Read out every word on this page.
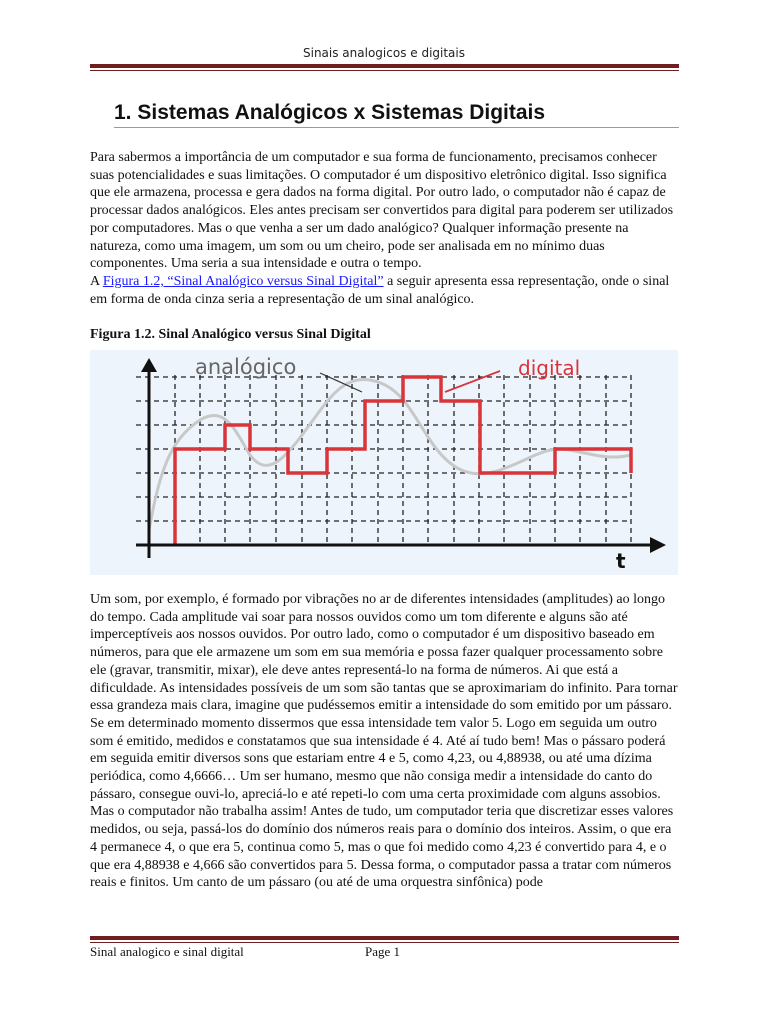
Sinais analogicos e digitais
1. Sistemas Analógicos x Sistemas Digitais

Para sabermos a importância de um computador e sua forma de funcionamento, precisamos conhecer suas potencialidades e suas limitações. O computador é um dispositivo eletrônico digital. Isso significa que ele armazena, processa e gera dados na forma digital. Por outro lado, o computador não é capaz de processar dados analógicos. Eles antes precisam ser convertidos para digital para poderem ser utilizados por computadores. Mas o que venha a ser um dado analógico? Qualquer informação presente na natureza, como uma imagem, um som ou um cheiro, pode ser analisada em no mínimo duas componentes. Uma seria a sua intensidade e outra o tempo.
A Figura 1.2, “Sinal Analógico versus Sinal Digital” a seguir apresenta essa representação, onde o sinal em forma de onda cinza seria a representação de um sinal analógico.

Figura 1.2. Sinal Analógico versus Sinal Digital

analógico	digital
t

Um som, por exemplo, é formado por vibrações no ar de diferentes intensidades (amplitudes) ao longo do tempo. Cada amplitude vai soar para nossos ouvidos como um tom diferente e alguns são até imperceptíveis aos nossos ouvidos. Por outro lado, como o computador é um dispositivo baseado em números, para que ele armazene um som em sua memória e possa fazer qualquer processamento sobre ele (gravar, transmitir, mixar), ele deve antes representá-lo na forma de números. Ai que está a dificuldade. As intensidades possíveis de um som são tantas que se aproximariam do infinito. Para tornar essa grandeza mais clara, imagine que pudéssemos emitir a intensidade do som emitido por um pássaro. Se em determinado momento dissermos que essa intensidade tem valor 5. Logo em seguida um outro som é emitido, medidos e constatamos que sua intensidade é 4. Até aí tudo bem! Mas o pássaro poderá em seguida emitir diversos sons que estariam entre 4 e 5, como 4,23, ou 4,88938, ou até uma dízima periódica, como 4,6666… Um ser humano, mesmo que não consiga medir a intensidade do canto do pássaro, consegue ouvi-lo, apreciá-lo e até repeti-lo com uma certa proximidade com alguns assobios. Mas o computador não trabalha assim! Antes de tudo, um computador teria que discretizar esses valores medidos, ou seja, passá-los do domínio dos números reais para o domínio dos inteiros. Assim, o que era 4 permanece 4, o que era 5, continua como 5, mas o que foi medido como 4,23 é convertido para 4, e o que era 4,88938 e 4,666 são convertidos para 5. Dessa forma, o computador passa a tratar com números reais e finitos. Um canto de um pássaro (ou até de uma orquestra sinfônica) pode

Sinal analogico e sinal digital	Page 1
